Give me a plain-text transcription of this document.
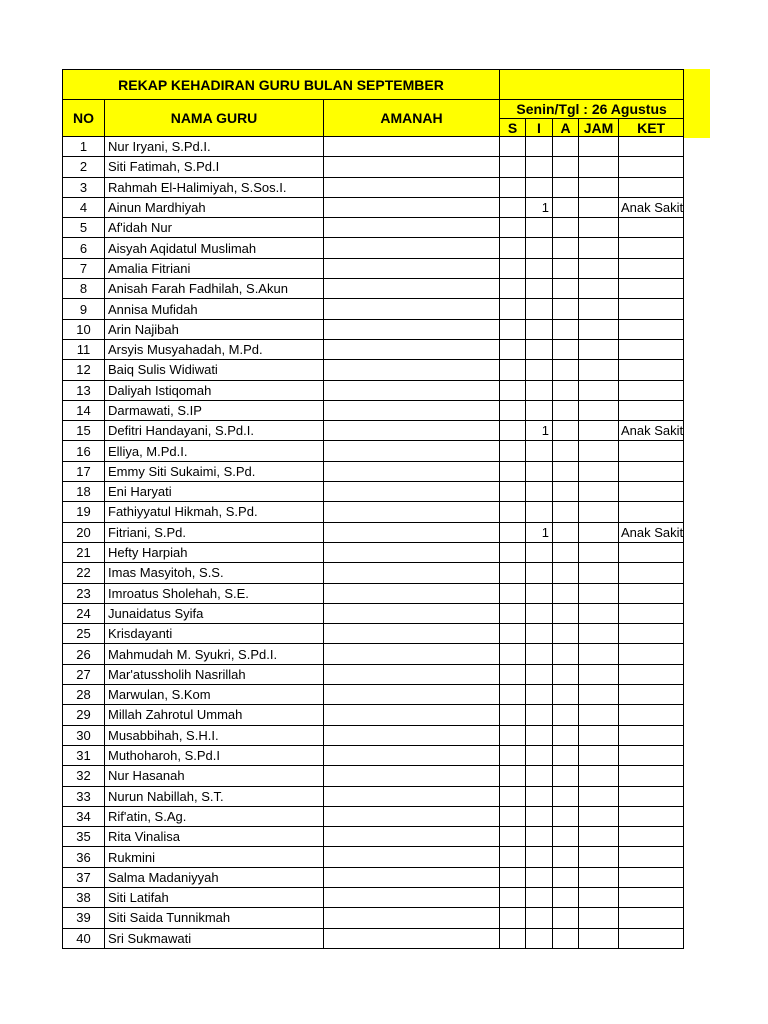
REKAP KEHADIRAN GURU BULAN SEPTEMBER							
NO	NAMA GURU	AMANAH	Senin/Tgl : 26 Agustus				
			S	I	A	JAM	KET
1	Nur Iryani, S.Pd.I.						
2	Siti Fatimah, S.Pd.I						
3	Rahmah El-Halimiyah, S.Sos.I.						
4	Ainun Mardhiyah			1			Anak Sakit
5	Af'idah Nur						
6	Aisyah Aqidatul Muslimah						
7	Amalia Fitriani						
8	Anisah Farah Fadhilah, S.Akun						
9	Annisa Mufidah						
10	Arin Najibah						
11	Arsyis Musyahadah, M.Pd.						
12	Baiq Sulis Widiwati						
13	Daliyah Istiqomah						
14	Darmawati, S.IP						
15	Defitri Handayani, S.Pd.I.			1			Anak Sakit
16	Elliya, M.Pd.I.						
17	Emmy Siti Sukaimi, S.Pd.						
18	Eni Haryati						
19	Fathiyyatul Hikmah, S.Pd.						
20	Fitriani, S.Pd.			1			Anak Sakit
21	Hefty Harpiah						
22	Imas Masyitoh, S.S.						
23	Imroatus Sholehah, S.E.						
24	Junaidatus Syifa						
25	Krisdayanti						
26	Mahmudah M. Syukri, S.Pd.I.						
27	Mar'atussholih Nasrillah						
28	Marwulan, S.Kom						
29	Millah Zahrotul Ummah						
30	Musabbihah, S.H.I.						
31	Muthoharoh, S.Pd.I						
32	Nur Hasanah						
33	Nurun Nabillah, S.T.						
34	Rif'atin, S.Ag.						
35	Rita Vinalisa						
36	Rukmini						
37	Salma Madaniyyah						
38	Siti Latifah						
39	Siti Saida Tunnikmah						
40	Sri Sukmawati						
